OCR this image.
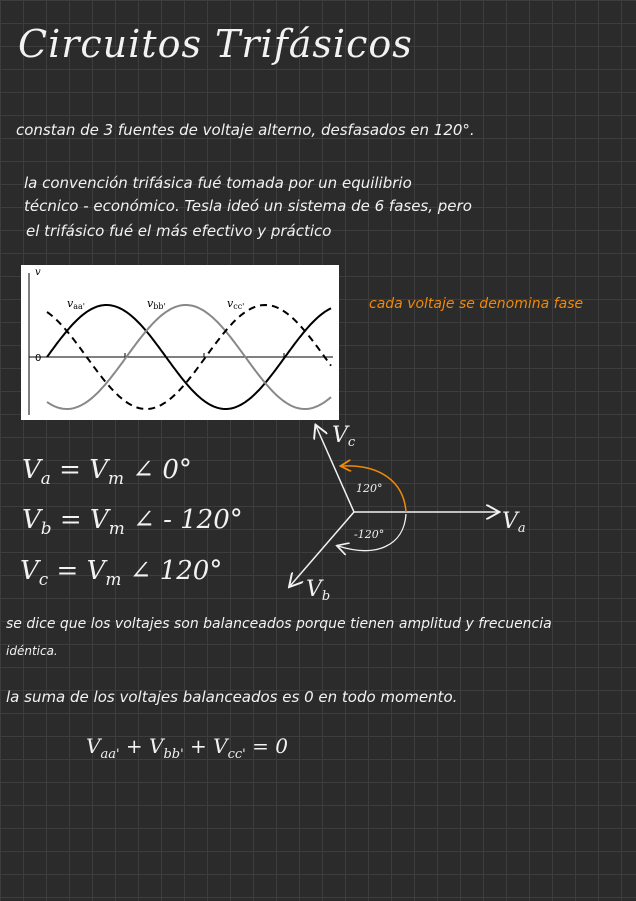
Circuitos Trifásicos
constan de 3 fuentes de voltaje alterno, desfasados en 120°.
la convención trifásica fué tomada por un equilibrio
técnico - económico. Tesla ideó un sistema de 6 fases, pero
el trifásico fué el más efectivo y práctico
v
0
vaa'	vbb'	vcc'	cada voltaje se denomina fase
$V_a = V_m$ ∠ 0°
$V_b = V_m$ ∠ - 120°
$V_c = V_m$ ∠ 120°
120°
-120°
Va
Vc
Vb
se dice que los voltajes son balanceados porque tienen amplitud y frecuencia
idéntica.
la suma de los voltajes balanceados es 0 en todo momento.
$V_{aa'} + V_{bb'} + V_{cc'} = 0$
